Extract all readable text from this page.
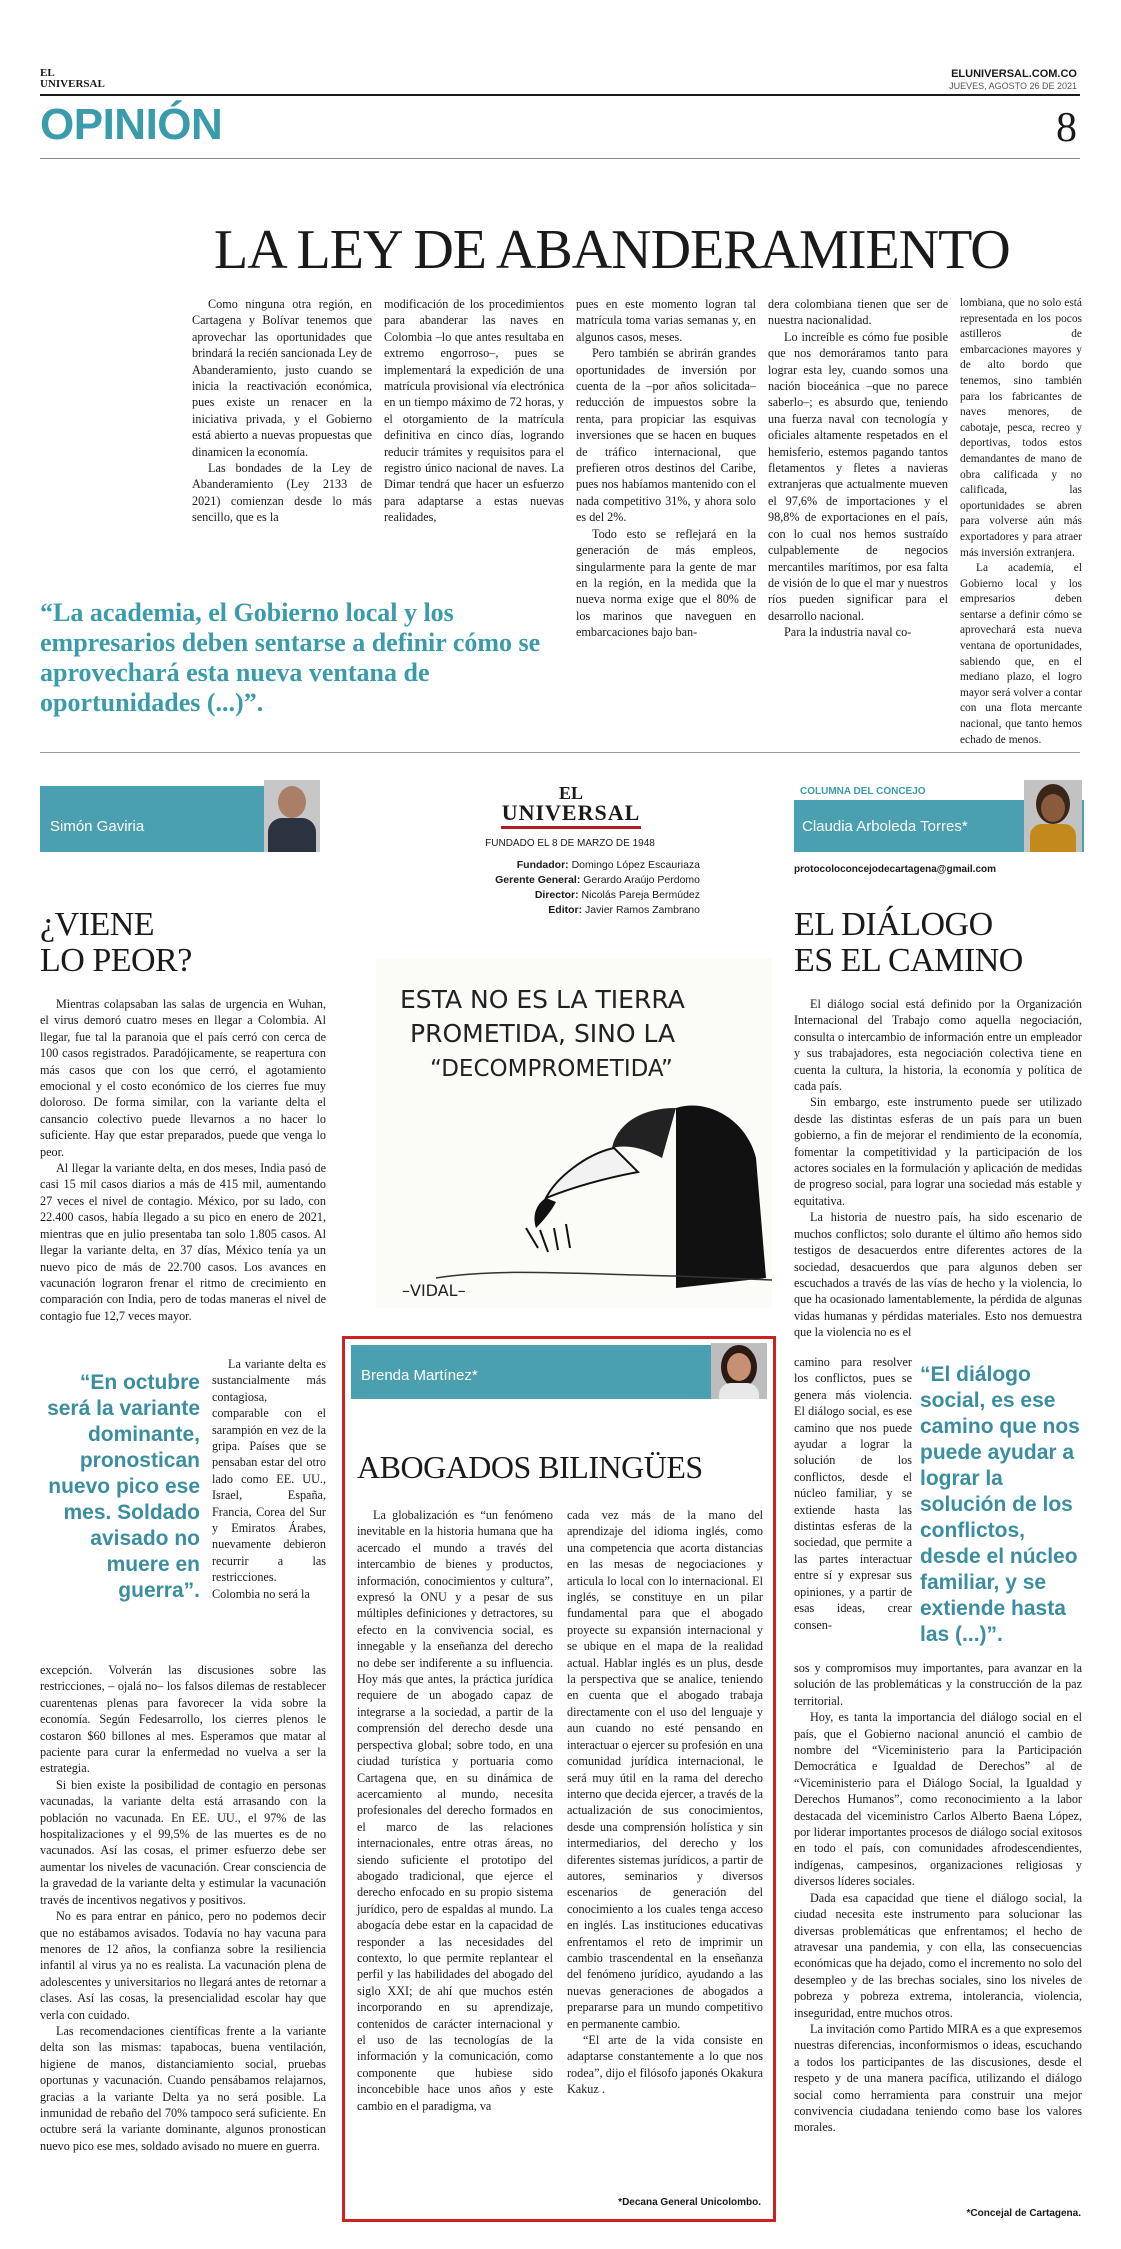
EL
UNIVERSAL
ELUNIVERSAL.COM.CO
JUEVES, AGOSTO 26 DE 2021
OPINIÓN	8
LA LEY DE ABANDERAMIENTO

Como ninguna otra región, en Cartagena y Bolívar tenemos que aprovechar las oportunidades que brindará la recién sancionada Ley de Abanderamiento, justo cuando se inicia la reactivación económica, pues existe un renacer en la iniciativa privada, y el Gobierno está abierto a nuevas propuestas que dinamicen la economía.

Las bondades de la Ley de Abanderamiento (Ley 2133 de 2021) comienzan desde lo más sencillo, que es la

modificación de los procedimientos para abanderar las naves en Colombia –lo que antes resultaba en extremo engorroso–, pues se implementará la expedición de una matrícula provisional vía electrónica en un tiempo máximo de 72 horas, y el otorgamiento de la matrícula definitiva en cinco días, logrando reducir trámites y requisitos para el registro único nacional de naves. La Dimar tendrá que hacer un esfuerzo para adaptarse a estas nuevas realidades,

pues en este momento logran tal matrícula toma varias semanas y, en algunos casos, meses.

Pero también se abrirán grandes oportunidades de inversión por cuenta de la –por años solicitada– reducción de impuestos sobre la renta, para propiciar las esquivas inversiones que se hacen en buques de tráfico internacional, que prefieren otros destinos del Caribe, pues nos habíamos mantenido con el nada competitivo 31%, y ahora solo es del 2%.

Todo esto se reflejará en la generación de más empleos, singularmente para la gente de mar en la región, en la medida que la nueva norma exige que el 80% de los marinos que naveguen en embarcaciones bajo ban-

dera colombiana tienen que ser de nuestra nacionalidad.

Lo increíble es cómo fue posible que nos demoráramos tanto para lograr esta ley, cuando somos una nación bioceánica –que no parece saberlo–; es absurdo que, teniendo una fuerza naval con tecnología y oficiales altamente respetados en el hemisferio, estemos pagando tantos fletamentos y fletes a navieras extranjeras que actualmente mueven el 97,6% de importaciones y el 98,8% de exportaciones en el país, con lo cual nos hemos sustraído culpablemente de negocios mercantiles marítimos, por esa falta de visión de lo que el mar y nuestros ríos pueden significar para el desarrollo nacional.

Para la industria naval co-

lombiana, que no solo está representada en los pocos astilleros de embarcaciones mayores y de alto bordo que tenemos, sino también para los fabricantes de naves menores, de cabotaje, pesca, recreo y deportivas, todos estos demandantes de mano de obra calificada y no calificada, las oportunidades se abren para volverse aún más exportadores y para atraer más inversión extranjera.

La academia, el Gobierno local y los empresarios deben sentarse a definir cómo se aprovechará esta nueva ventana de oportunidades, sabiendo que, en el mediano plazo, el logro mayor será volver a contar con una flota mercante nacional, que tanto hemos echado de menos.

“La academia, el Gobierno local y los empresarios deben sentarse a definir cómo se aprovechará esta nueva ventana de oportunidades (...)”.
Simón Gaviria
¿VIENE
LO PEOR?

Mientras colapsaban las salas de urgencia en Wuhan, el virus demoró cuatro meses en llegar a Colombia. Al llegar, fue tal la paranoia que el país cerró con cerca de 100 casos registrados. Paradójicamente, se reapertura con más casos que con los que cerró, el agotamiento emocional y el costo económico de los cierres fue muy doloroso. De forma similar, con la variante delta el cansancio colectivo puede llevarnos a no hacer lo suficiente. Hay que estar preparados, puede que venga lo peor.

Al llegar la variante delta, en dos meses, India pasó de casi 15 mil casos diarios a más de 415 mil, aumentando 27 veces el nivel de contagio. México, por su lado, con 22.400 casos, había llegado a su pico en enero de 2021, mientras que en julio presentaba tan solo 1.805 casos. Al llegar la variante delta, en 37 días, México tenía ya un nuevo pico de más de 22.700 casos. Los avances en vacunación lograron frenar el ritmo de crecimiento en comparación con India, pero de todas maneras el nivel de contagio fue 12,7 veces mayor.

“En octubre será la variante dominante, pronostican nuevo pico ese mes. Soldado avisado no muere en guerra”.

La variante delta es sustancialmente más contagiosa, comparable con el sarampión en vez de la gripa. Países que se pensaban estar del otro lado como EE. UU., Israel, España, Francia, Corea del Sur y Emiratos Árabes, nuevamente debieron recurrir a las restricciones. Colombia no será la

excepción. Volverán las discusiones sobre las restricciones, – ojalá no– los falsos dilemas de restablecer cuarentenas plenas para favorecer la vida sobre la economía. Según Fedesarrollo, los cierres plenos le costaron $60 billones al mes. Esperamos que matar al paciente para curar la enfermedad no vuelva a ser la estrategia.

Si bien existe la posibilidad de contagio en personas vacunadas, la variante delta está arrasando con la población no vacunada. En EE. UU., el 97% de las hospitalizaciones y el 99,5% de las muertes es de no vacunados. Así las cosas, el primer esfuerzo debe ser aumentar los niveles de vacunación. Crear consciencia de la gravedad de la variante delta y estimular la vacunación través de incentivos negativos y positivos.

No es para entrar en pánico, pero no podemos decir que no estábamos avisados. Todavía no hay vacuna para menores de 12 años, la confianza sobre la resiliencia infantil al virus ya no es realista. La vacunación plena de adolescentes y universitarios no llegará antes de retornar a clases. Así las cosas, la presencialidad escolar hay que verla con cuidado.

Las recomendaciones científicas frente a la variante delta son las mismas: tapabocas, buena ventilación, higiene de manos, distanciamiento social, pruebas oportunas y vacunación. Cuando pensábamos relajarnos, gracias a la variante Delta ya no será posible. La inmunidad de rebaño del 70% tampoco será suficiente. En octubre será la variante dominante, algunos pronostican nuevo pico ese mes, soldado avisado no muere en guerra.

EL
UNIVERSAL
FUNDADO EL 8 DE MARZO DE 1948
Fundador: Domingo López Escauriaza
Gerente General: Gerardo Araújo Perdomo
Director: Nicolás Pareja Bermúdez
Editor: Javier Ramos Zambrano
ESTA NO ES LA TIERRA
PROMETIDA, SINO LA
“DECOMPROMETIDA”
–VIDAL–
COLUMNA DEL CONCEJO
Claudia Arboleda Torres*
protocoloconcejodecartagena@gmail.com
EL DIÁLOGO
ES EL CAMINO

El diálogo social está definido por la Organización Internacional del Trabajo como aquella negociación, consulta o intercambio de información entre un empleador y sus trabajadores, esta negociación colectiva tiene en cuenta la cultura, la historia, la economía y política de cada país.

Sin embargo, este instrumento puede ser utilizado desde las distintas esferas de un país para un buen gobierno, a fin de mejorar el rendimiento de la economía, fomentar la competitividad y la participación de los actores sociales en la formulación y aplicación de medidas de progreso social, para lograr una sociedad más estable y equitativa.

La historia de nuestro país, ha sido escenario de muchos conflictos; solo durante el último año hemos sido testigos de desacuerdos entre diferentes actores de la sociedad, desacuerdos que para algunos deben ser escuchados a través de las vías de hecho y la violencia, lo que ha ocasionado lamentablemente, la pérdida de algunas vidas humanas y pérdidas materiales. Esto nos demuestra que la violencia no es el

camino para resolver los conflictos, pues se genera más violencia. El diálogo social, es ese camino que nos puede ayudar a lograr la solución de los conflictos, desde el núcleo familiar, y se extiende hasta las distintas esferas de la sociedad, que permite a las partes interactuar entre sí y expresar sus opiniones, y a partir de esas ideas, crear consen-

“El diálogo social, es ese camino que nos puede ayudar a lograr la solución de los conflictos, desde el núcleo familiar, y se extiende hasta las (...)”.

sos y compromisos muy importantes, para avanzar en la solución de las problemáticas y la construcción de la paz territorial.

Hoy, es tanta la importancia del diálogo social en el país, que el Gobierno nacional anunció el cambio de nombre del “Viceministerio para la Participación Democrática e Igualdad de Derechos” al de “Viceministerio para el Diálogo Social, la Igualdad y Derechos Humanos”, como reconocimiento a la labor destacada del viceministro Carlos Alberto Baena López, por liderar importantes procesos de diálogo social exitosos en todo el país, con comunidades afrodescendientes, indígenas, campesinos, organizaciones religiosas y diversos líderes sociales.

Dada esa capacidad que tiene el diálogo social, la ciudad necesita este instrumento para solucionar las diversas problemáticas que enfrentamos; el hecho de atravesar una pandemia, y con ella, las consecuencias económicas que ha dejado, como el incremento no solo del desempleo y de las brechas sociales, sino los niveles de pobreza y pobreza extrema, intolerancia, violencia, inseguridad, entre muchos otros.

La invitación como Partido MIRA es a que expresemos nuestras diferencias, inconformismos o ideas, escuchando a todos los participantes de las discusiones, desde el respeto y de una manera pacífica, utilizando el diálogo social como herramienta para construir una mejor convivencia ciudadana teniendo como base los valores morales.

*Concejal de Cartagena.
Brenda Martínez*
ABOGADOS BILINGÜES

La globalización es “un fenómeno inevitable en la historia humana que ha acercado el mundo a través del intercambio de bienes y productos, información, conocimientos y cultura”, expresó la ONU y a pesar de sus múltiples definiciones y detractores, su efecto en la convivencia social, es innegable y la enseñanza del derecho no debe ser indiferente a su influencia. Hoy más que antes, la práctica jurídica requiere de un abogado capaz de integrarse a la sociedad, a partir de la comprensión del derecho desde una perspectiva global; sobre todo, en una ciudad turística y portuaria como Cartagena que, en su dinámica de acercamiento al mundo, necesita profesionales del derecho formados en el marco de las relaciones internacionales, entre otras áreas, no siendo suficiente el prototipo del abogado tradicional, que ejerce el derecho enfocado en su propio sistema jurídico, pero de espaldas al mundo. La abogacía debe estar en la capacidad de responder a las necesidades del contexto, lo que permite replantear el perfil y las habilidades del abogado del siglo XXI; de ahí que muchos estén incorporando en su aprendizaje, contenidos de carácter internacional y el uso de las tecnologías de la información y la comunicación, como componente que hubiese sido inconcebible hace unos años y este cambio en el paradigma, va

cada vez más de la mano del aprendizaje del idioma inglés, como una competencia que acorta distancias en las mesas de negociaciones y articula lo local con lo internacional. El inglés, se constituye en un pilar fundamental para que el abogado proyecte su expansión internacional y se ubique en el mapa de la realidad actual. Hablar inglés es un plus, desde la perspectiva que se analice, teniendo en cuenta que el abogado trabaja directamente con el uso del lenguaje y aun cuando no esté pensando en interactuar o ejercer su profesión en una comunidad jurídica internacional, le será muy útil en la rama del derecho interno que decida ejercer, a través de la actualización de sus conocimientos, desde una comprensión holística y sin intermediarios, del derecho y los diferentes sistemas jurídicos, a partir de autores, seminarios y diversos escenarios de generación del conocimiento a los cuales tenga acceso en inglés. Las instituciones educativas enfrentamos el reto de imprimir un cambio trascendental en la enseñanza del fenómeno jurídico, ayudando a las nuevas generaciones de abogados a prepararse para un mundo competitivo en permanente cambio.

“El arte de la vida consiste en adaptarse constantemente a lo que nos rodea”, dijo el filósofo japonés Okakura Kakuz .

*Decana General Unicolombo.
